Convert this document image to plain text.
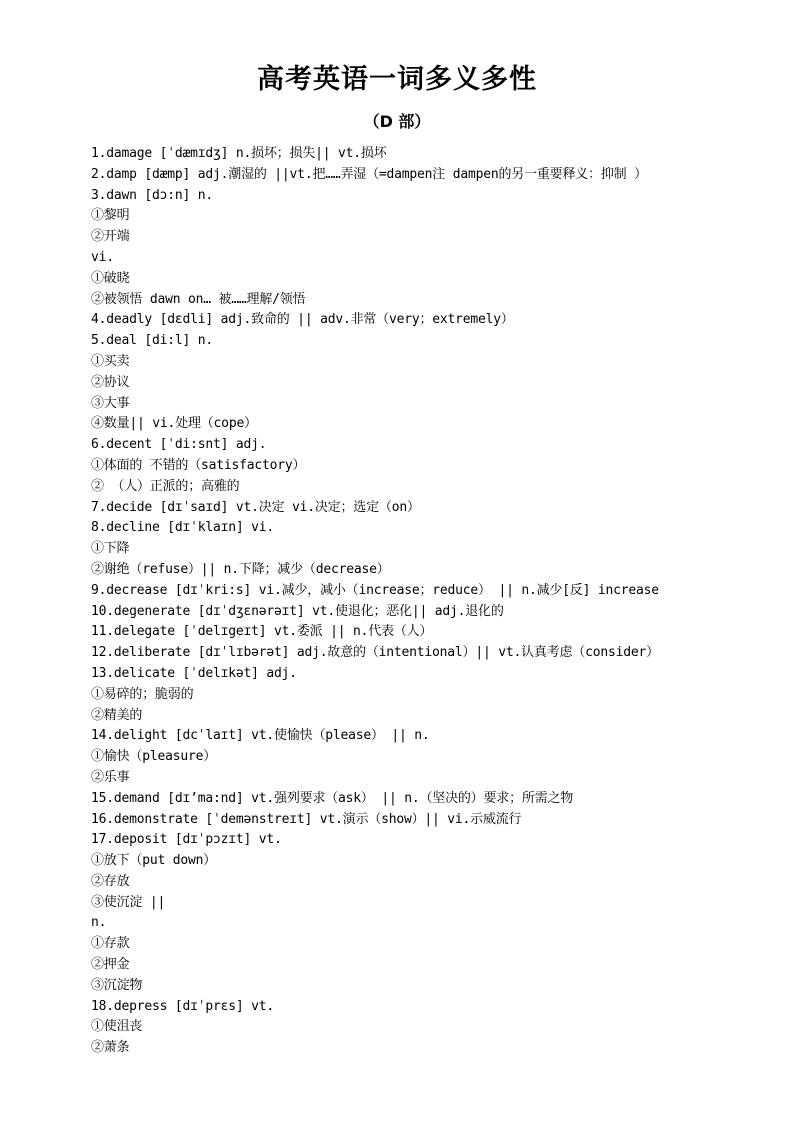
高考英语一词多义多性
（D 部）
1.damage [ˈdæmɪdʒ] n.损坏；损失|| vt.损坏
2.damp [dæmp] adj.潮湿的 ||vt.把……弄湿（=dampen注 dampen的另一重要释义：抑制 ）
3.dawn [dɔ:n] n.
①黎明
②开端
vi.
①破晓
②被领悟 dawn on… 被……理解/领悟
4.deadly [dɛdli] adj.致命的 || adv.非常（very；extremely）
5.deal [di:l] n.
①买卖
②协议
③大事
④数量|| vi.处理（cope）
6.decent [ˈdi:snt] adj.
①体面的 不错的（satisfactory）
② （人）正派的；高雅的
7.decide [dɪˈsaɪd] vt.决定 vi.决定；选定（on）
8.decline [dɪˈklaɪn] vi.
①下降
②谢绝（refuse）|| n.下降；减少（decrease）
9.decrease [dɪˈkri:s] vi.减少，减小（increase；reduce） || n.减少[反] increase
10.degenerate [dɪˈdʒɛnərəɪt] vt.使退化；恶化|| adj.退化的
11.delegate [ˈdelɪgeɪt] vt.委派 || n.代表（人）
12.deliberate [dɪˈlɪbərət] adj.故意的（intentional）|| vt.认真考虑（consider）
13.delicate [ˈdelɪkət] adj.
①易碎的；脆弱的
②精美的
14.delight [dcˈlaɪt] vt.使愉快（please） || n.
①愉快（pleasure）
②乐事
15.demand [dɪ’ma:nd] vt.强列要求（ask） || n.（坚决的）要求；所需之物
16.demonstrate [ˈdemənstreɪt] vt.演示（show）|| vi.示威流行
17.deposit [dɪˈpɔzɪt] vt.
①放下（put down）
②存放
③使沉淀 ||
n.
①存款
②押金
③沉淀物
18.depress [dɪˈprɛs] vt.
①使沮丧
②萧条
